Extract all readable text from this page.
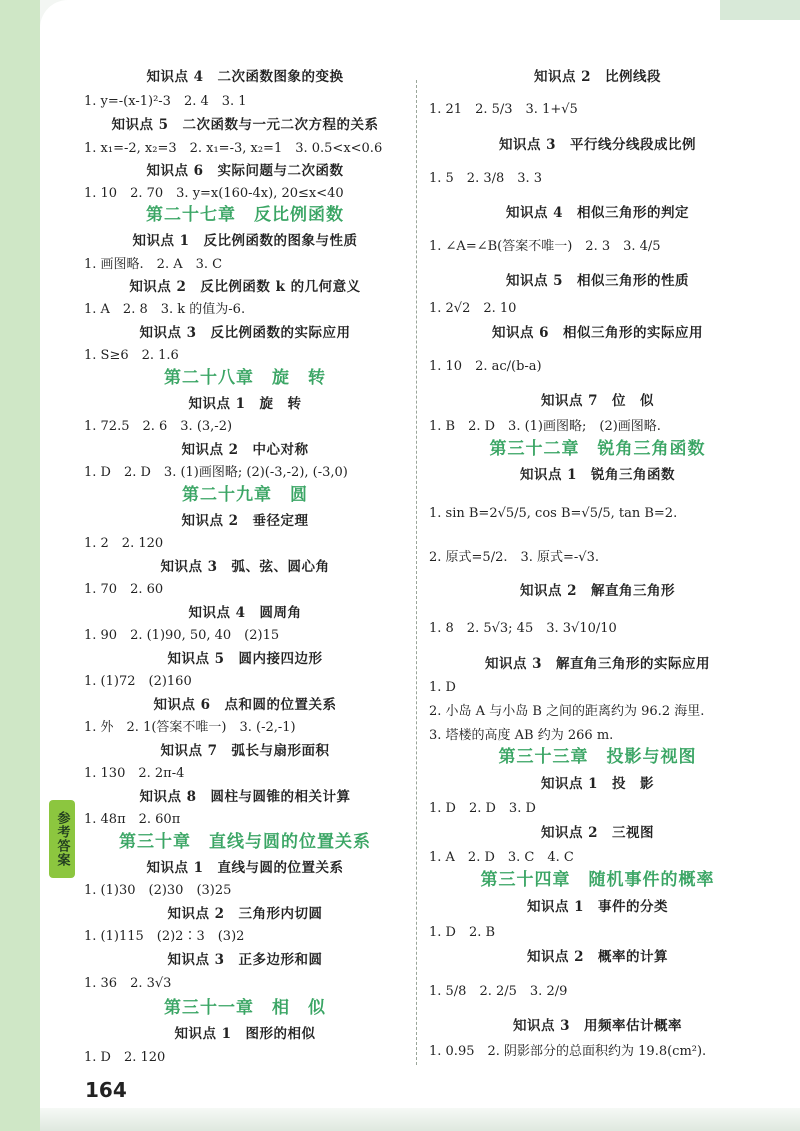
知识点 4　二次函数图象的变换
1. y=-(x-1)²-3　2. 4　3. 1
知识点 5　二次函数与一元二次方程的关系
1. x₁=-2, x₂=3　2. x₁=-3, x₂=1　3. 0.5<x<0.6
知识点 6　实际问题与二次函数
1. 10　2. 70　3. y=x(160-4x), 20≤x<40
第二十七章　反比例函数
知识点 1　反比例函数的图象与性质
1. 画图略.　2. A　3. C
知识点 2　反比例函数 k 的几何意义
1. A　2. 8　3. k 的值为-6.
知识点 3　反比例函数的实际应用
1. S≥6　2. 1.6
第二十八章　旋　转
知识点 1　旋　转
1. 72.5　2. 6　3. (3,-2)
知识点 2　中心对称
1. D　2. D　3. (1)画图略; (2)(-3,-2), (-3,0)
第二十九章　圆
知识点 2　垂径定理
1. 2　2. 120
知识点 3　弧、弦、圆心角
1. 70　2. 60
知识点 4　圆周角
1. 90　2. (1)90, 50, 40　(2)15
知识点 5　圆内接四边形
1. (1)72　(2)160
知识点 6　点和圆的位置关系
1. 外　2. 1(答案不唯一)　3. (-2,-1)
知识点 7　弧长与扇形面积
1. 130　2. 2π-4
知识点 8　圆柱与圆锥的相关计算
1. 48π　2. 60π
第三十章　直线与圆的位置关系
知识点 1　直线与圆的位置关系
1. (1)30　(2)30　(3)25
知识点 2　三角形内切圆
1. (1)115　(2)2∶3　(3)2
知识点 3　正多边形和圆
1. 36　2. 3√3
第三十一章　相　似
知识点 1　图形的相似
1. D　2. 120
知识点 2　比例线段
1. 21　2. 5/3　3. 1+√5
知识点 3　平行线分线段成比例
1. 5　2. 3/8　3. 3
知识点 4　相似三角形的判定
1. ∠A=∠B(答案不唯一)　2. 3　3. 4/5
知识点 5　相似三角形的性质
1. 2√2　2. 10
知识点 6　相似三角形的实际应用
1. 10　2. ac/(b-a)
知识点 7　位　似
1. B　2. D　3. (1)画图略;　(2)画图略.
第三十二章　锐角三角函数
知识点 1　锐角三角函数
1. sin B=2√5/5, cos B=√5/5, tan B=2.
2. 原式=5/2.　3. 原式=-√3.
知识点 2　解直角三角形
1. 8　2. 5√3; 45　3. 3√10/10
知识点 3　解直角三角形的实际应用
1. D
2. 小岛 A 与小岛 B 之间的距离约为 96.2 海里.
3. 塔楼的高度 AB 约为 266 m.
第三十三章　投影与视图
知识点 1　投　影
1. D　2. D　3. D
知识点 2　三视图
1. A　2. D　3. C　4. C
第三十四章　随机事件的概率
知识点 1　事件的分类
1. D　2. B
知识点 2　概率的计算
1. 5/8　2. 2/5　3. 2/9
知识点 3　用频率估计概率
1. 0.95　2. 阴影部分的总面积约为 19.8(cm²).
参考答案
164
